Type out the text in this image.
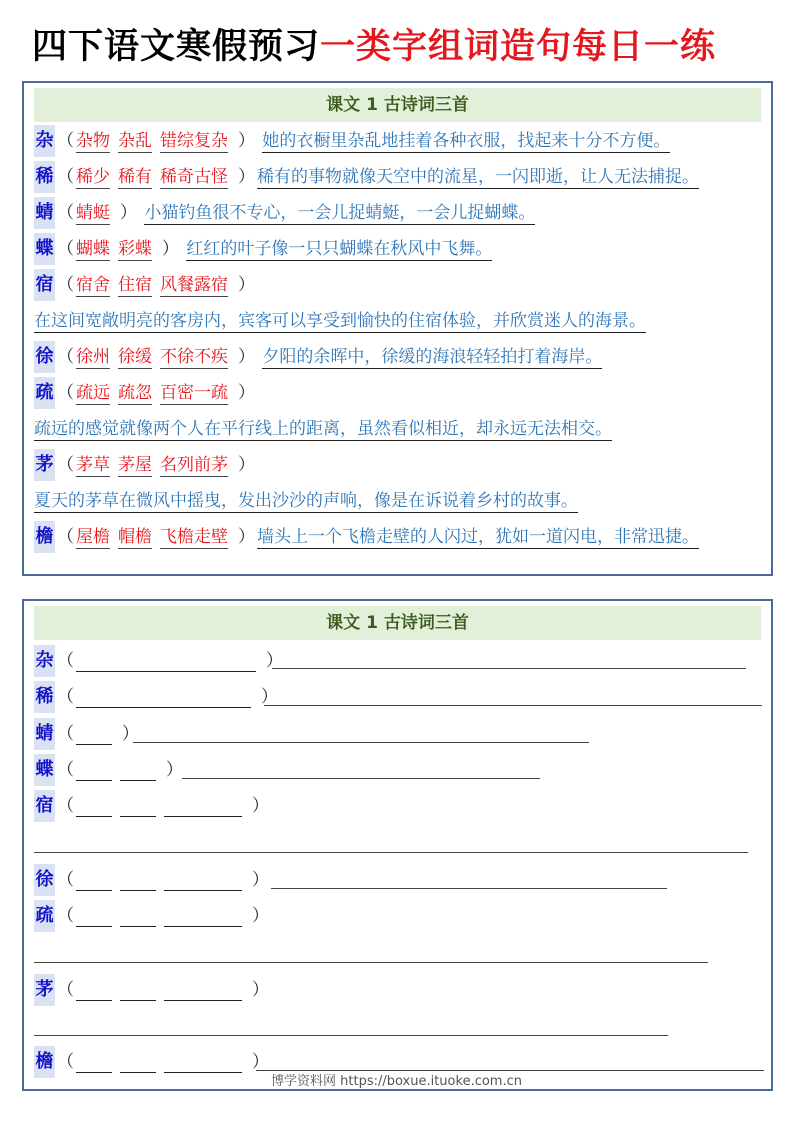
四下语文寒假预习一类字组词造句每日一练
课文 1 古诗词三首
杂 （ 杂物 杂乱 错综复杂 ） 她的衣橱里杂乱地挂着各种衣服，找起来十分不方便。
稀 （ 稀少 稀有 稀奇古怪 ） 稀有的事物就像天空中的流星，一闪即逝，让人无法捕捉。
蜻 （ 蜻蜓 ） 小猫钓鱼很不专心，一会儿捉蜻蜓，一会儿捉蝴蝶。
蝶 （ 蝴蝶 彩蝶 ） 红红的叶子像一只只蝴蝶在秋风中飞舞。
宿 （ 宿舍 住宿 风餐露宿 ）
在这间宽敞明亮的客房内，宾客可以享受到愉快的住宿体验，并欣赏迷人的海景。
徐 （ 徐州 徐缓 不徐不疾 ） 夕阳的余晖中，徐缓的海浪轻轻拍打着海岸。
疏 （ 疏远 疏忽 百密一疏 ）
疏远的感觉就像两个人在平行线上的距离，虽然看似相近，却永远无法相交。
茅 （ 茅草 茅屋 名列前茅 ）
夏天的茅草在微风中摇曳，发出沙沙的声响，像是在诉说着乡村的故事。
檐 （ 屋檐 帽檐 飞檐走壁 ） 墙头上一个飞檐走壁的人闪过，犹如一道闪电，非常迅捷。
课文 1 古诗词三首
杂 （	）
稀 （	）
蜻 （	）
蝶 （	）
宿 （	）
徐 （	）
疏 （	）
茅 （	）
檐 （	）
博学资料网 https://boxue.ituoke.com.cn
